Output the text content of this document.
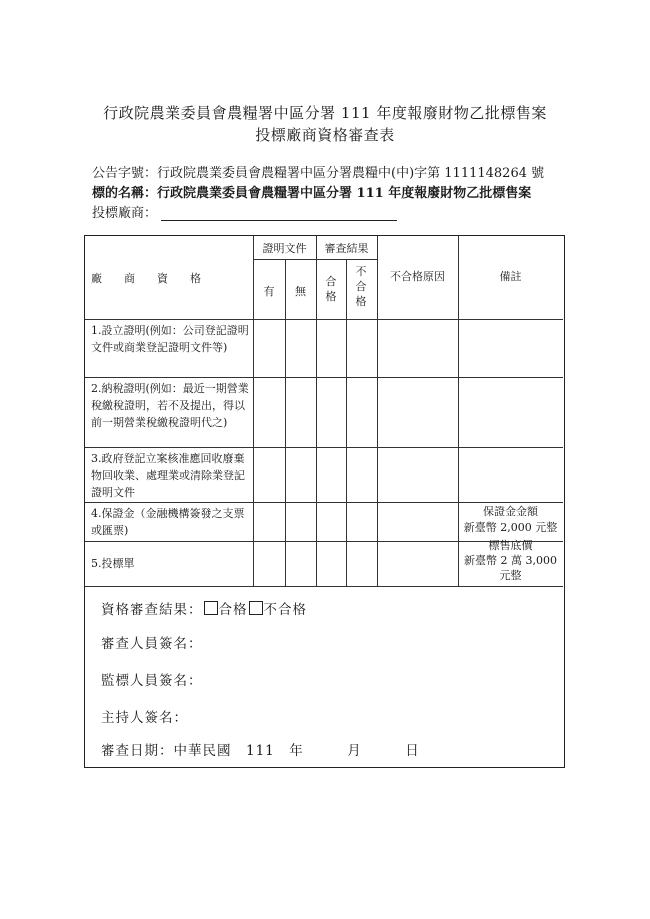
行政院農業委員會農糧署中區分署 111 年度報廢財物乙批標售案
投標廠商資格審查表
公告字號：行政院農業委員會農糧署中區分署農糧中(中)字第 1111148264 號
標的名稱：行政院農業委員會農糧署中區分署 111 年度報廢財物乙批標售案
投標廠商：
廠　　商　　資　　格
證明文件
有	無
審查結果
合格
不合格
不合格原因	備註
1.設立證明(例如：公司登記證明文件或商業登記證明文件等)
2.納稅證明(例如：最近一期營業稅繳稅證明，若不及提出，得以前一期營業稅繳稅證明代之)
3.政府登記立案核准應回收廢棄物回收業、處理業或清除業登記證明文件
4.保證金（金融機構簽發之支票或匯票)
5.投標單
保證金金額
新臺幣 2,000 元整
標售底價
新臺幣 2 萬 3,000
元整
資格審查結果： 合格 不合格
審查人員簽名：
監標人員簽名：
主持人簽名：
審查日期：中華民國　111　年　　　月　　　日
